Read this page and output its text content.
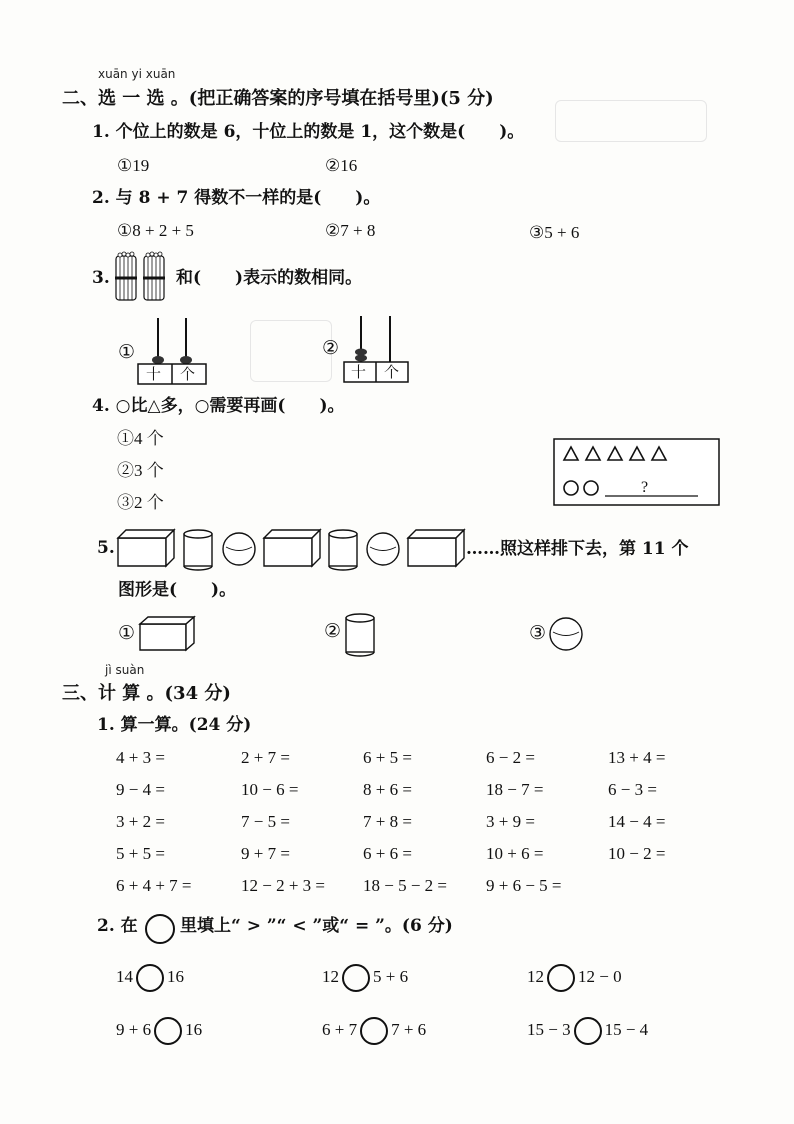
xuān yi xuān
二、选 一 选 。(把正确答案的序号填在括号里)(5 分)
1. 个位上的数是 6，十位上的数是 1，这个数是(　　)。
①19	②16
2. 与 8 + 7 得数不一样的是(　　)。
①8 + 2 + 5	②7 + 8	③5 + 6
3.	和(　　)表示的数相同。
①
十 个
②
十 个
4. ○比△多，○需要再画(　　)。
①4 个
②3 个
③2 个
?
5.	……照这样排下去，第 11 个
图形是(　　)。
①	②	③
jì suàn
三、计 算 。(34 分)
1. 算一算。(24 分)
4 + 3 =	2 + 7 =	6 + 5 =	6 − 2 =	13 + 4 =
9 − 4 =	10 − 6 =	8 + 6 =	18 − 7 =	6 − 3 =
3 + 2 =	7 − 5 =	7 + 8 =	3 + 9 =	14 − 4 =
5 + 5 =	9 + 7 =	6 + 6 =	10 + 6 =	10 − 2 =
6 + 4 + 7 =	12 − 2 + 3 = 18 − 5 − 2 = 9 + 6 − 5 =
2. 在 里填上“ > ”“ < ”或“ = ”。(6 分)
14 16	12 5 + 6	12 12 − 0
9 + 6 16	6 + 7 7 + 6	15 − 3 15 − 4
